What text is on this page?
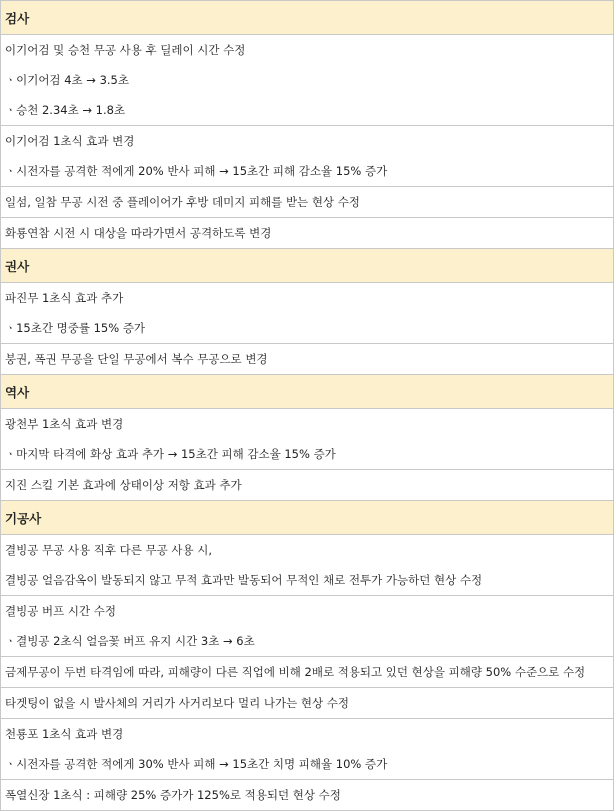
검사
이기어검 및 승천 무공 사용 후 딜레이 시간 수정
ㆍ이기어검 4초 → 3.5초
ㆍ승천 2.34초 → 1.8초
이기어검 1초식 효과 변경
ㆍ시전자를 공격한 적에게 20% 반사 피해 → 15초간 피해 감소율 15% 증가
일섬, 일참 무공 시전 중 플레이어가 후방 데미지 피해를 받는 현상 수정
화룡연참 시전 시 대상을 따라가면서 공격하도록 변경
권사
파진무 1초식 효과 추가
ㆍ15초간 명중률 15% 증가
붕권, 폭권 무공을 단일 무공에서 복수 무공으로 변경
역사
광천부 1초식 효과 변경
ㆍ마지막 타격에 화상 효과 추가 → 15초간 피해 감소율 15% 증가
지진 스킬 기본 효과에 상태이상 저항 효과 추가
기공사
결빙공 무공 사용 직후 다른 무공 사용 시,
결빙공 얼음감옥이 발동되지 않고 무적 효과만 발동되어 무적인 채로 전투가 가능하던 현상 수정
결빙공 버프 시간 수정
ㆍ결빙공 2초식 얼음꽃 버프 유지 시간 3초 → 6초
금제무공이 두번 타격임에 따라, 피해량이 다른 직업에 비해 2배로 적용되고 있던 현상을 피해량 50% 수준으로 수정
타겟팅이 없을 시 발사체의 거리가 사거리보다 멀리 나가는 현상 수정
천룡포 1초식 효과 변경
ㆍ시전자를 공격한 적에게 30% 반사 피해 → 15초간 치명 피해율 10% 증가
폭열신장 1초식 : 피해량 25% 증가가 125%로 적용되던 현상 수정
